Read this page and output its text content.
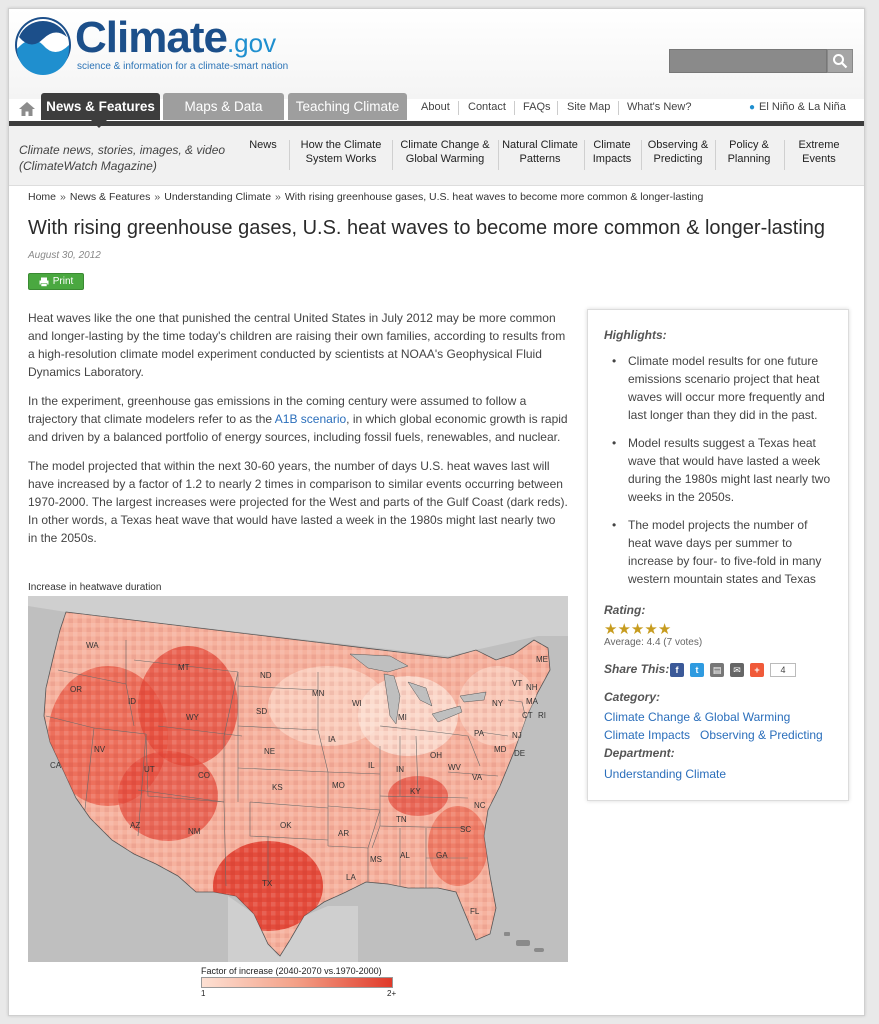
Climate.gov
science & information for a climate-smart nation
News & Features	Maps & Data	Teaching Climate	About Contact FAQs Site Map What's New?	● El Niño & La Niña
Climate news, stories, images, & video
(ClimateWatch Magazine)
News	How the Climate
System Works
Climate Change &
Global Warming
Natural Climate
Patterns
Climate
Impacts
Observing &
Predicting
Policy &
Planning
Extreme
Events
Home » News & Features » Understanding Climate » With rising greenhouse gases, U.S. heat waves to become more common & longer-lasting
With rising greenhouse gases, U.S. heat waves to become more common & longer-lasting
August 30, 2012
Print

Heat waves like the one that punished the central United States in July 2012 may be more common and longer-lasting by the time today's children are raising their own families, according to results from a high-resolution climate model experiment conducted by scientists at NOAA's Geophysical Fluid Dynamics Laboratory.

In the experiment, greenhouse gas emissions in the coming century were assumed to follow a trajectory that climate modelers refer to as the A1B scenario, in which global economic growth is rapid and driven by a balanced portfolio of energy sources, including fossil fuels, renewables, and nuclear.

The model projected that within the next 30-60 years, the number of days U.S. heat waves last will have increased by a factor of 1.2 to nearly 2 times in comparison to similar events occurring between 1970-2000. The largest increases were projected for the West and parts of the Gulf Coast (dark reds). In other words, a Texas heat wave that would have lasted a week in the 1980s might last nearly two in the 2050s.

Increase in heatwave duration
WA
OR
CA
NV
ID
MT
WY
UT
AZ
CO
NM
ND
SD
NE
KS
OK
TX
MN
IA
MO
AR
LA
WI
IL
MI
IN
OH
KY
TN
MS AL	GA
FL
SC
NC
VA
WV
PA
NY
VT NH
ME
MA
CT RI
NJ
DE
MD
Factor of increase (2040-2070 vs.1970-2000)
1	2+
Highlights:
• Climate model results for one future emissions scenario project that heat waves will occur more frequently and last longer than they did in the past.
• Model results suggest a Texas heat wave that would have lasted a week during the 1980s might last nearly two weeks in the 2050s.
• The model projects the number of heat wave days per summer to increase by four- to five-fold in many western mountain states and Texas
Rating:
★★★★★
Average: 4.4 (7 votes)
Share This: f	t	▤	✉	+	4
Category:
Climate Change & Global Warming
Climate Impacts Observing & Predicting
Department:
Understanding Climate
